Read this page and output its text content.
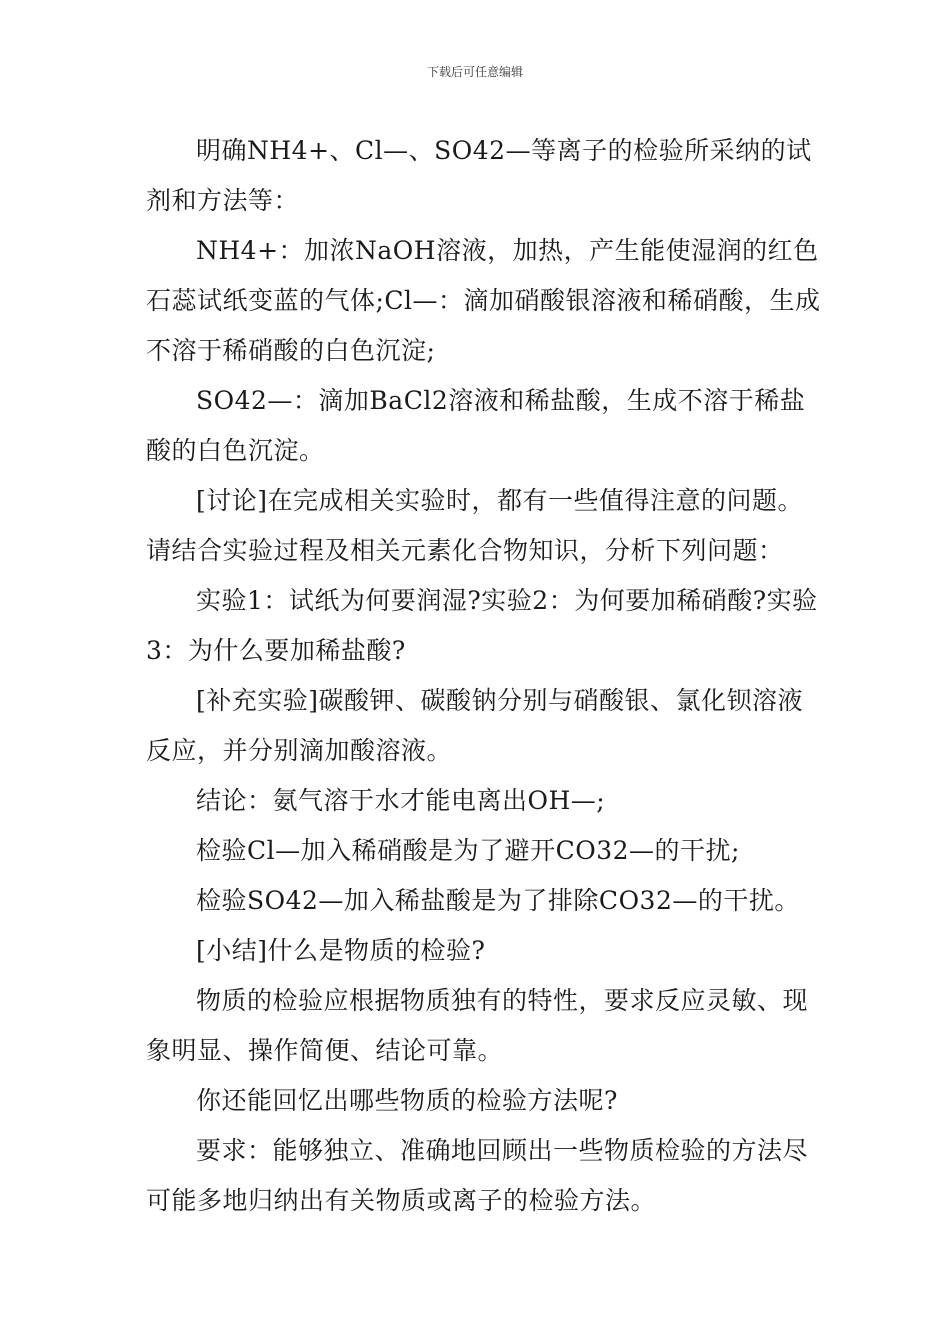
下载后可任意编辑

明确NH4+、Cl—、SO42—等离子的检验所采纳的试剂和方法等：

NH4+：加浓NaOH溶液，加热，产生能使湿润的红色石蕊试纸变蓝的气体;Cl—：滴加硝酸银溶液和稀硝酸，生成不溶于稀硝酸的白色沉淀;

SO42—：滴加BaCl2溶液和稀盐酸，生成不溶于稀盐酸的白色沉淀。

[讨论]在完成相关实验时，都有一些值得注意的问题。请结合实验过程及相关元素化合物知识，分析下列问题：

实验1：试纸为何要润湿?实验2：为何要加稀硝酸?实验3：为什么要加稀盐酸?

[补充实验]碳酸钾、碳酸钠分别与硝酸银、氯化钡溶液反应，并分别滴加酸溶液。

结论：氨气溶于水才能电离出OH—;

检验Cl—加入稀硝酸是为了避开CO32—的干扰;

检验SO42—加入稀盐酸是为了排除CO32—的干扰。

[小结]什么是物质的检验?

物质的检验应根据物质独有的特性，要求反应灵敏、现象明显、操作简便、结论可靠。

你还能回忆出哪些物质的检验方法呢?

要求：能够独立、准确地回顾出一些物质检验的方法尽可能多地归纳出有关物质或离子的检验方法。
